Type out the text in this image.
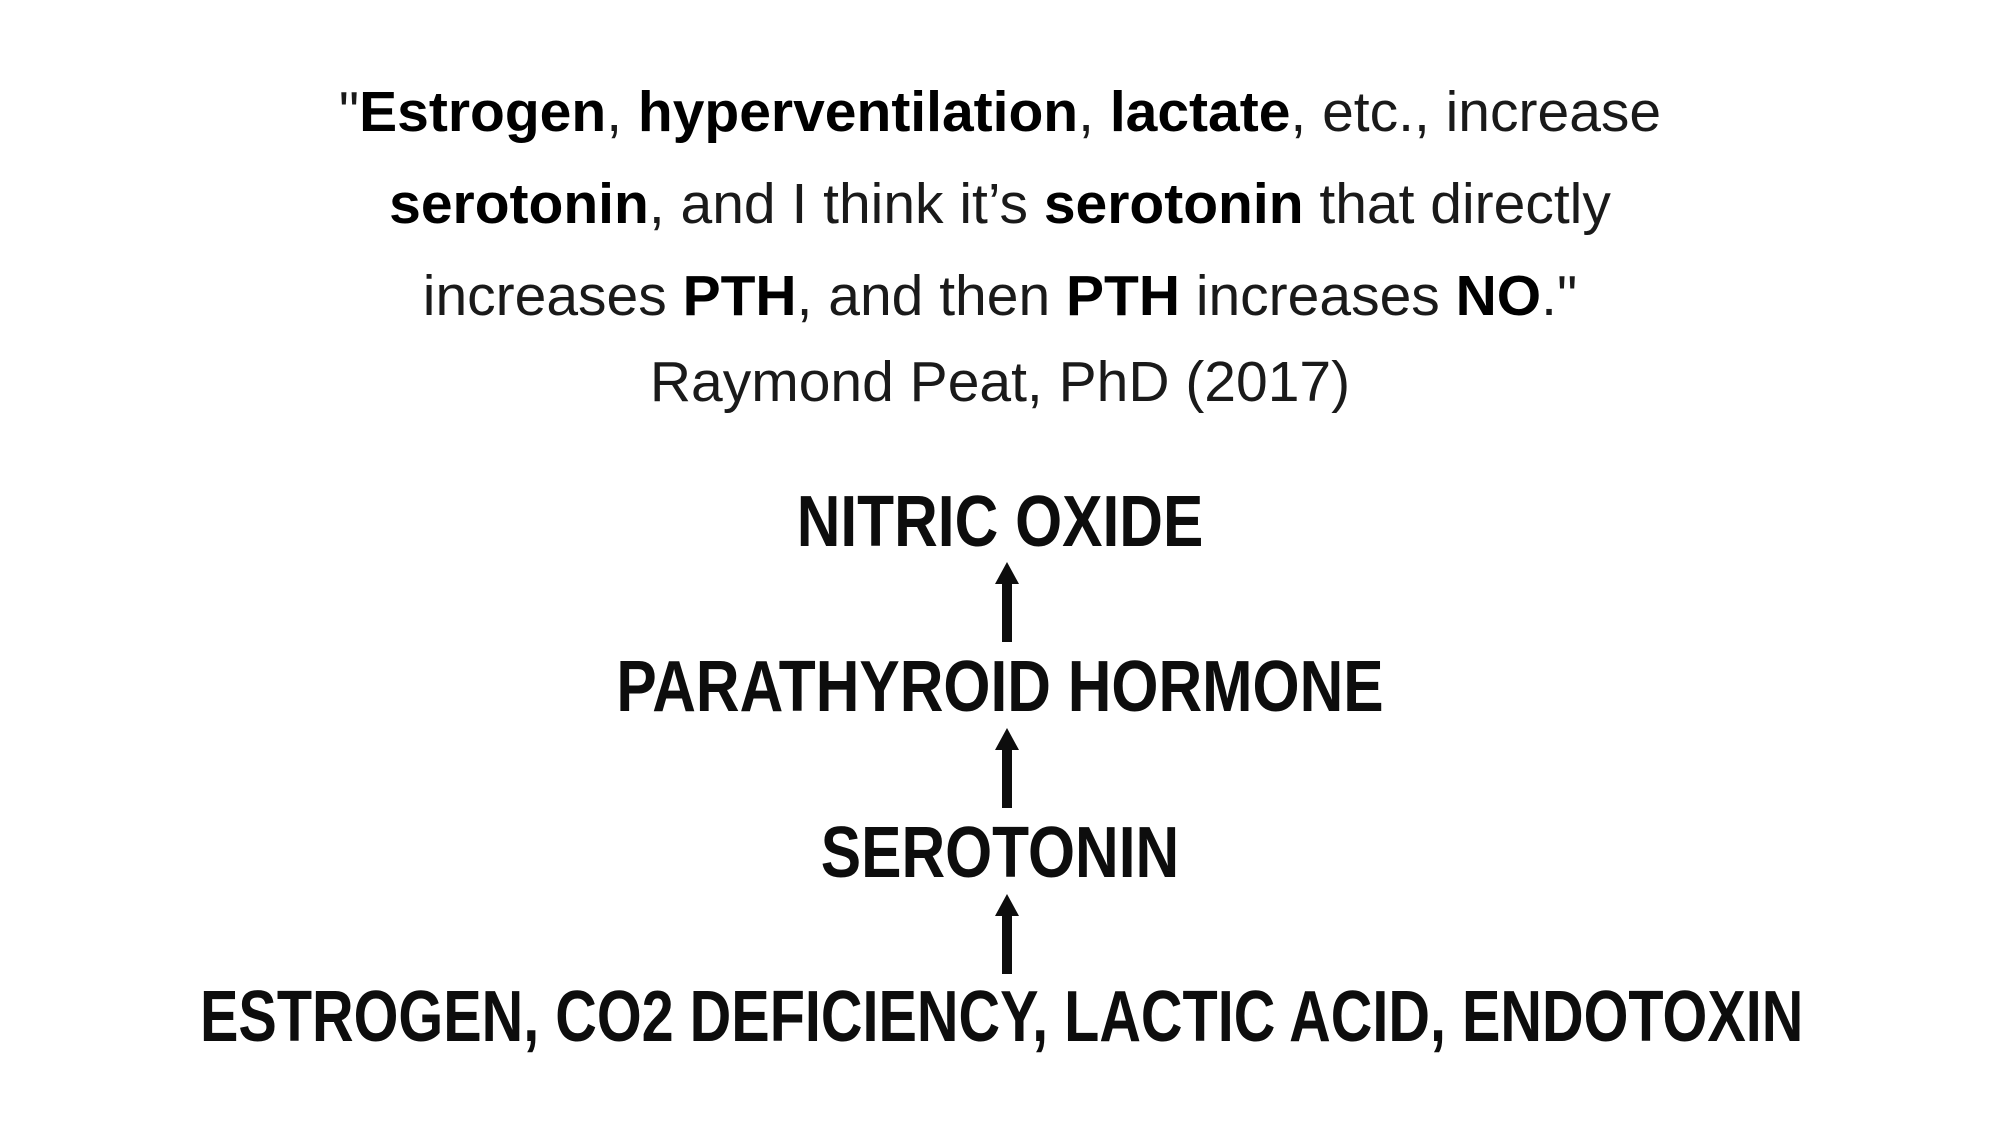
"Estrogen, hyperventilation, lactate, etc., increase
serotonin, and I think it’s serotonin that directly
increases PTH, and then PTH increases NO."
Raymond Peat, PhD (2017)
NITRIC OXIDE
PARATHYROID HORMONE
SEROTONIN
ESTROGEN, CO2 DEFICIENCY, LACTIC ACID, ENDOTOXIN
